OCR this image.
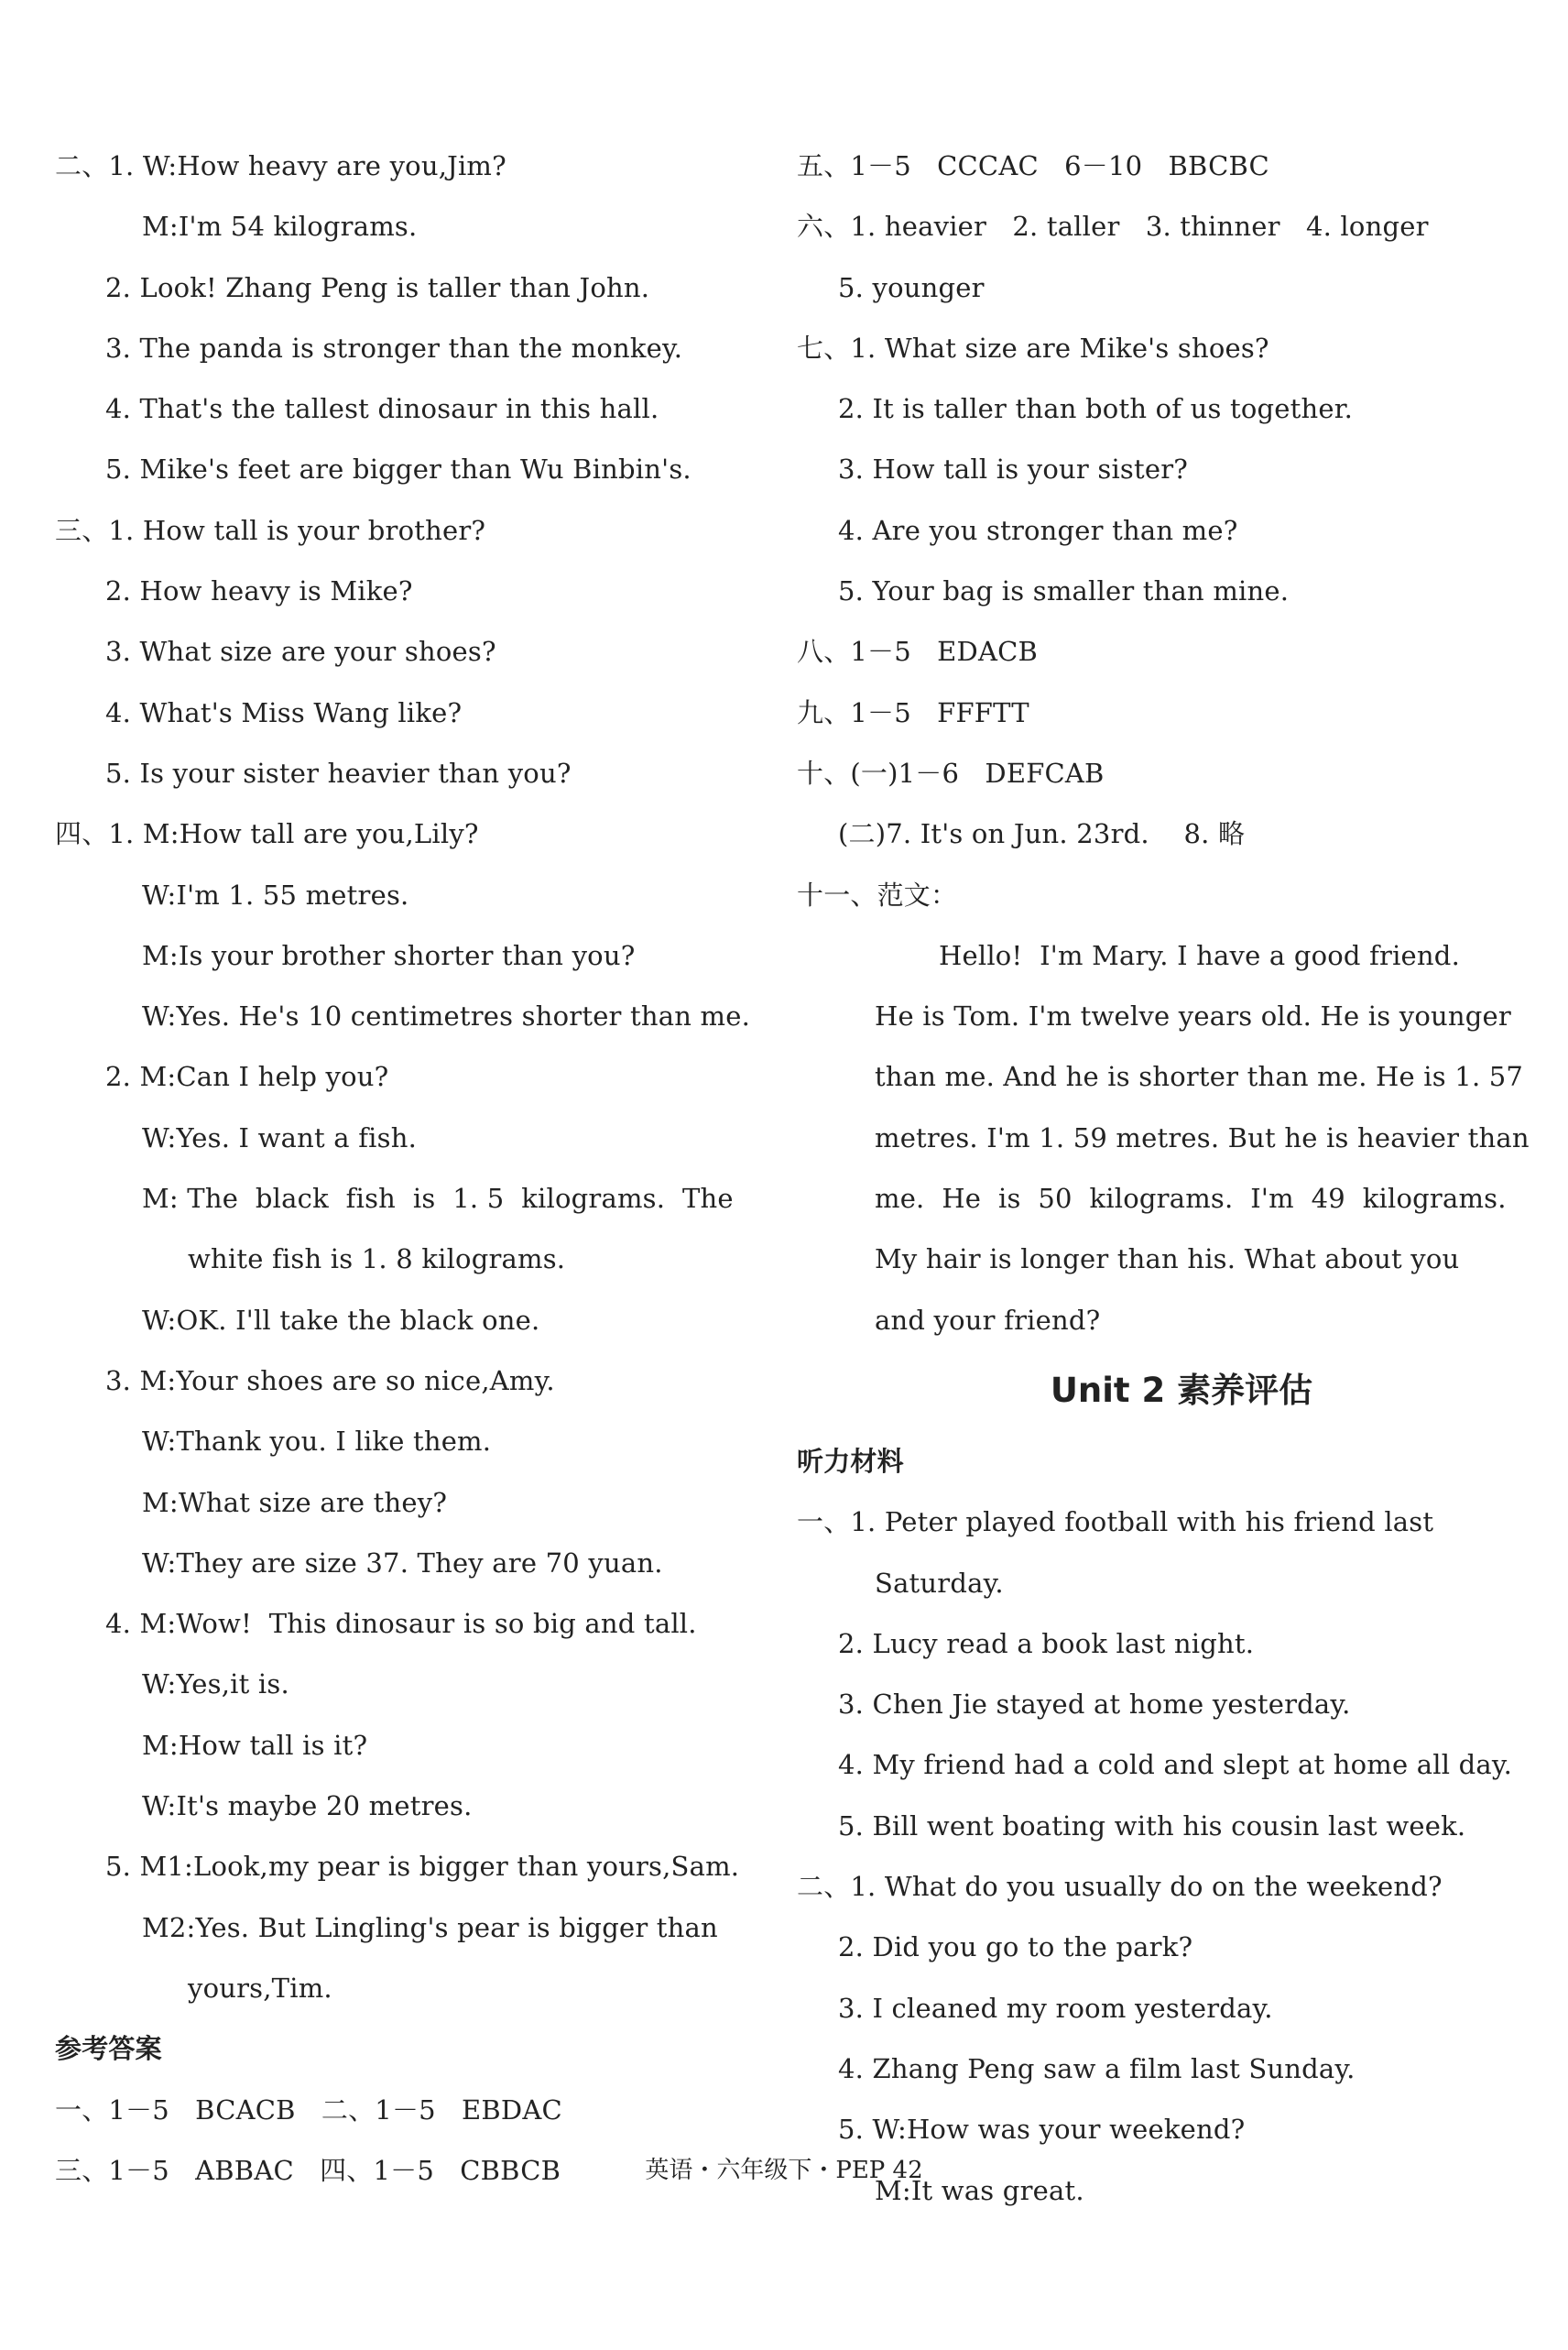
二、1. W:How heavy are you,Jim?
M:I'm 54 kilograms.
2. Look! Zhang Peng is taller than John.
3. The panda is stronger than the monkey.
4. That's the tallest dinosaur in this hall.
5. Mike's feet are bigger than Wu Binbin's.
三、1. How tall is your brother?
2. How heavy is Mike?
3. What size are your shoes?
4. What's Miss Wang like?
5. Is your sister heavier than you?
四、1. M:How tall are you,Lily?
W:I'm 1. 55 metres.
M:Is your brother shorter than you?
W:Yes. He's 10 centimetres shorter than me.
2. M:Can I help you?
W:Yes. I want a fish.
M: The  black  fish  is  1. 5  kilograms.  The
white fish is 1. 8 kilograms.
W:OK. I'll take the black one.
3. M:Your shoes are so nice,Amy.
W:Thank you. I like them.
M:What size are they?
W:They are size 37. They are 70 yuan.
4. M:Wow!  This dinosaur is so big and tall.
W:Yes,it is.
M:How tall is it?
W:It's maybe 20 metres.
5. M1:Look,my pear is bigger than yours,Sam.
M2:Yes. But Lingling's pear is bigger than
yours,Tim.
参考答案
一、1－5   BCACB   二、1－5   EBDAC
三、1－5   ABBAC   四、1－5   CBBCB
五、1－5   CCCAC   6－10   BBCBC
六、1. heavier   2. taller   3. thinner   4. longer
5. younger
七、1. What size are Mike's shoes?
2. It is taller than both of us together.
3. How tall is your sister?
4. Are you stronger than me?
5. Your bag is smaller than mine.
八、1－5   EDACB
九、1－5   FFFTT
十、(一)1－6   DEFCAB
(二)7. It's on Jun. 23rd.    8. 略
十一、范文：
Hello!  I'm Mary. I have a good friend.
He is Tom. I'm twelve years old. He is younger
than me. And he is shorter than me. He is 1. 57
metres. I'm 1. 59 metres. But he is heavier than
me.  He  is  50  kilograms.  I'm  49  kilograms.
My hair is longer than his. What about you
and your friend?
Unit 2 素养评估
听力材料
一、1. Peter played football with his friend last
Saturday.
2. Lucy read a book last night.
3. Chen Jie stayed at home yesterday.
4. My friend had a cold and slept at home all day.
5. Bill went boating with his cousin last week.
二、1. What do you usually do on the weekend?
2. Did you go to the park?
3. I cleaned my room yesterday.
4. Zhang Peng saw a film last Sunday.
5. W:How was your weekend?
M:It was great.
英语・六年级下・PEP 42
